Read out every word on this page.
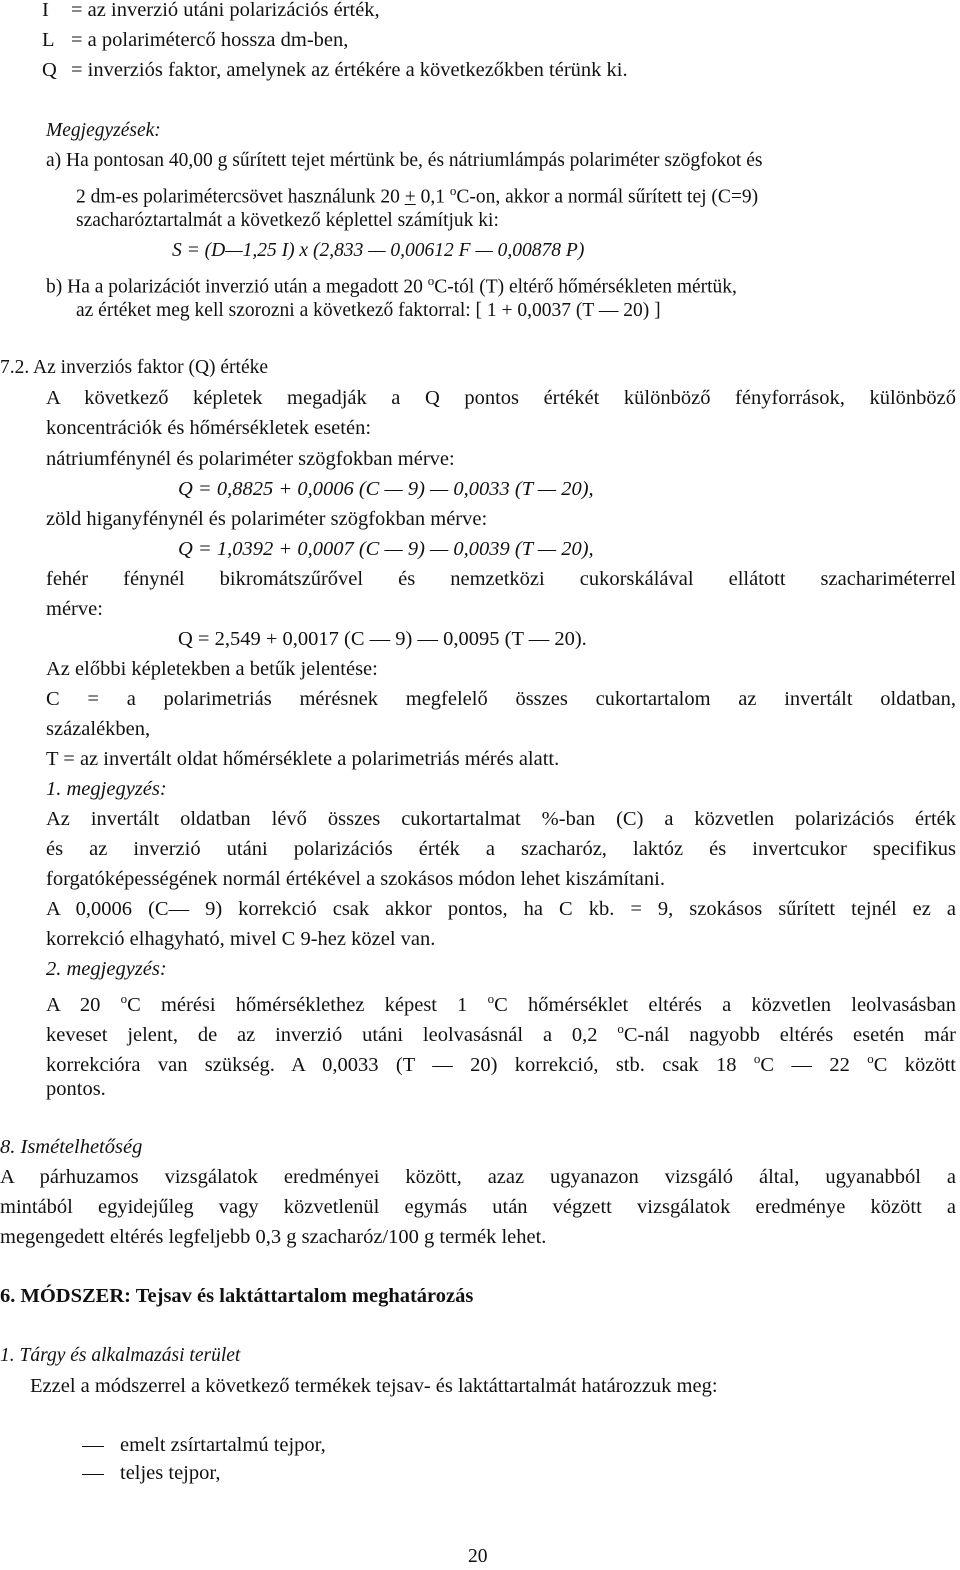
I = az inverzió utáni polarizációs érték,
L = a polarimétercő hossza dm-ben,
Q = inverziós faktor, amelynek az értékére a következőkben térünk ki.
Megjegyzések:
a) Ha pontosan 40,00 g sűrített tejet mértünk be, és nátriumlámpás polariméter szögfokot és
2 dm-es polarimétercsövet használunk 20 + 0,1 $^o$C-on, akkor a normál sűrített tej (C=9)
szacharóztartalmát a következő képlettel számítjuk ki:
S = (D—1,25 I) x (2,833 — 0,00612 F — 0,00878 P)
b) Ha a polarizációt inverzió után a megadott 20 $^o$C-tól (T) eltérő hőmérsékleten mértük,
az értéket meg kell szorozni a következő faktorral: [ 1 + 0,0037 (T — 20) ]
7.2. Az inverziós faktor (Q) értéke
A következő képletek megadják a Q pontos értékét különböző fényforrások, különböző
koncentrációk és hőmérsékletek esetén:
nátriumfénynél és polariméter szögfokban mérve:
Q = 0,8825 + 0,0006 (C — 9) — 0,0033 (T — 20),
zöld higanyfénynél és polariméter szögfokban mérve:
Q = 1,0392 + 0,0007 (C — 9) — 0,0039 (T — 20),
fehér fénynél bikromátszűrővel és nemzetközi cukorskálával ellátott szachariméterrel
mérve:
Q = 2,549 + 0,0017 (C — 9) — 0,0095 (T — 20).
Az előbbi képletekben a betűk jelentése:
C = a polarimetriás mérésnek megfelelő összes cukortartalom az invertált oldatban,
százalékben,
T = az invertált oldat hőmérséklete a polarimetriás mérés alatt.
1. megjegyzés:
Az invertált oldatban lévő összes cukortartalmat %-ban (C) a közvetlen polarizációs érték
és az inverzió utáni polarizációs érték a szacharóz, laktóz és invertcukor specifikus
forgatóképességének normál értékével a szokásos módon lehet kiszámítani.
A 0,0006 (C— 9) korrekció csak akkor pontos, ha C kb. = 9, szokásos sűrített tejnél ez a
korrekció elhagyható, mivel C 9-hez közel van.
2. megjegyzés:
A 20 $^o$C mérési hőmérséklethez képest 1 $^o$C hőmérséklet eltérés a közvetlen leolvasásban
keveset jelent, de az inverzió utáni leolvasásnál a 0,2 $^o$C-nál nagyobb eltérés esetén már
korrekcióra van szükség. A 0,0033 (T — 20) korrekció, stb. csak 18 $^o$C — 22 $^o$C között
pontos.
8. Ismételhetőség
A párhuzamos vizsgálatok eredményei között, azaz ugyanazon vizsgáló által, ugyanabból a
mintából egyidejűleg vagy közvetlenül egymás után végzett vizsgálatok eredménye között a
megengedett eltérés legfeljebb 0,3 g szacharóz/100 g termék lehet.
6. MÓDSZER: Tejsav és laktáttartalom meghatározás
1. Tárgy és alkalmazási terület
Ezzel a módszerrel a következő termékek tejsav- és laktáttartalmát határozzuk meg:
emelt zsírtartalmú tejpor,
teljes tejpor,
20
